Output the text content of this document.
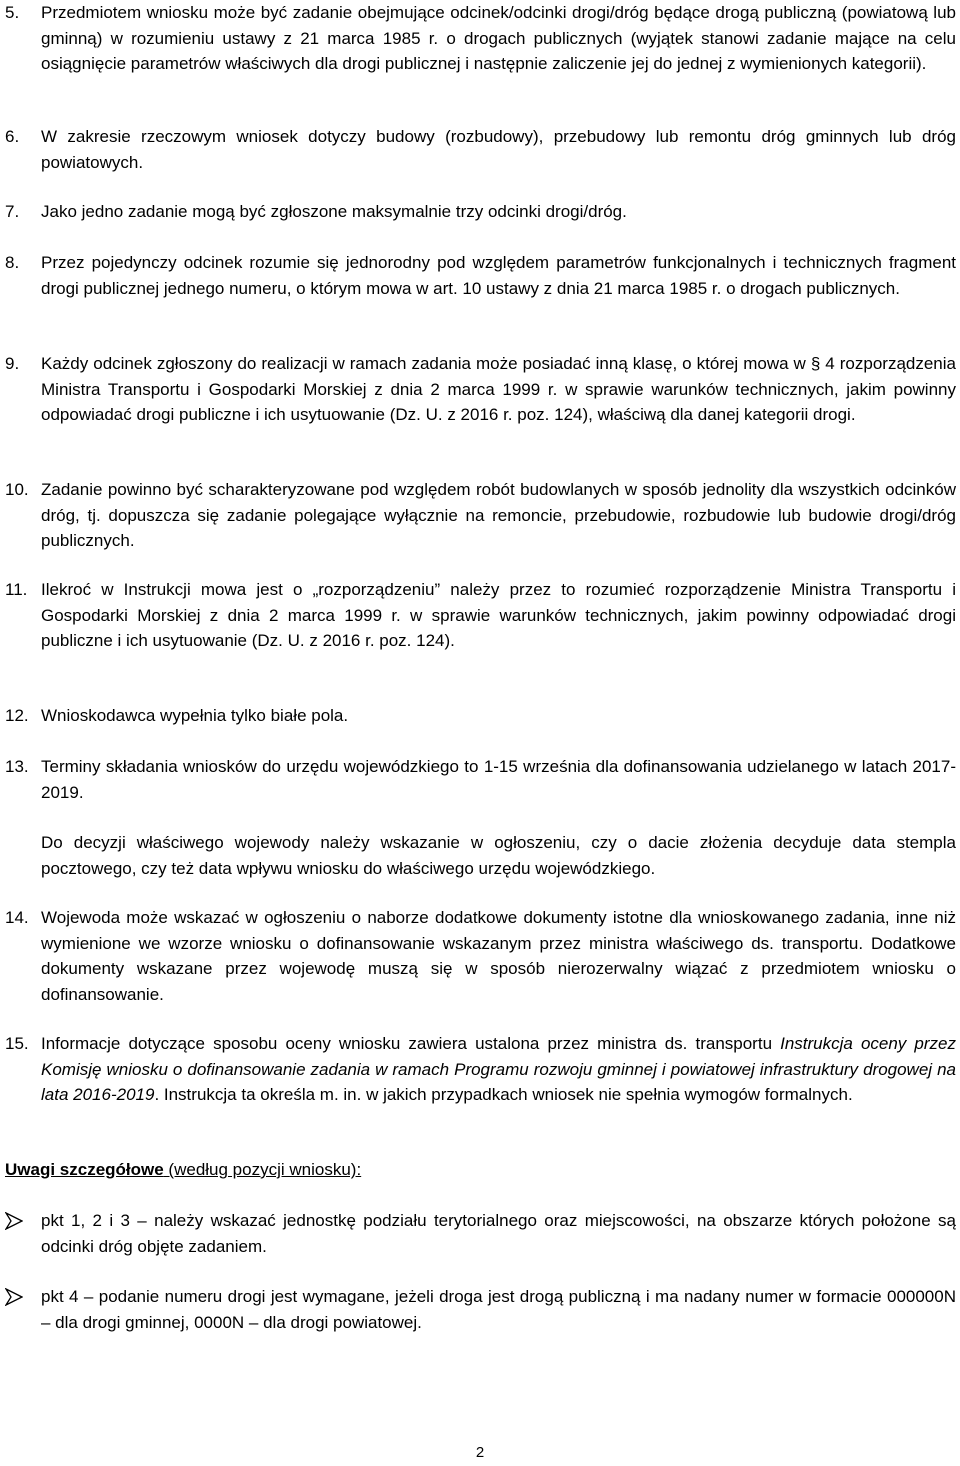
5. Przedmiotem wniosku może być zadanie obejmujące odcinek/odcinki drogi/dróg będące drogą publiczną (powiatową lub gminną) w rozumieniu ustawy z 21 marca 1985 r. o drogach publicznych (wyjątek stanowi zadanie mające na celu osiągnięcie parametrów właściwych dla drogi publicznej i następnie zaliczenie jej do jednej z wymienionych kategorii).

6. W zakresie rzeczowym wniosek dotyczy budowy (rozbudowy), przebudowy lub remontu dróg gminnych lub dróg powiatowych.

7. Jako jedno zadanie mogą być zgłoszone maksymalnie trzy odcinki drogi/dróg.

8. Przez pojedynczy odcinek rozumie się jednorodny pod względem parametrów funkcjonalnych i technicznych fragment drogi publicznej jednego numeru, o którym mowa w art. 10 ustawy z dnia 21 marca 1985 r. o drogach publicznych.

9. Każdy odcinek zgłoszony do realizacji w ramach zadania może posiadać inną klasę, o której mowa w § 4 rozporządzenia Ministra Transportu i Gospodarki Morskiej z dnia 2 marca 1999 r. w sprawie warunków technicznych, jakim powinny odpowiadać drogi publiczne i ich usytuowanie (Dz. U. z 2016 r. poz. 124), właściwą dla danej kategorii drogi.

10. Zadanie powinno być scharakteryzowane pod względem robót budowlanych w sposób jednolity dla wszystkich odcinków dróg, tj. dopuszcza się zadanie polegające wyłącznie na remoncie, przebudowie, rozbudowie lub budowie drogi/dróg publicznych.

11. Ilekroć w Instrukcji mowa jest o „rozporządzeniu” należy przez to rozumieć rozporządzenie Ministra Transportu i Gospodarki Morskiej z dnia 2 marca 1999 r. w sprawie warunków technicznych, jakim powinny odpowiadać drogi publiczne i ich usytuowanie (Dz. U. z 2016 r. poz. 124).

12. Wnioskodawca wypełnia tylko białe pola.

13. Terminy składania wniosków do urzędu wojewódzkiego to 1-15 września dla dofinansowania udzielanego w latach 2017-2019.

Do decyzji właściwego wojewody należy wskazanie w ogłoszeniu, czy o dacie złożenia decyduje data stempla pocztowego, czy też data wpływu wniosku do właściwego urzędu wojewódzkiego.

14. Wojewoda może wskazać w ogłoszeniu o naborze dodatkowe dokumenty istotne dla wnioskowanego zadania, inne niż wymienione we wzorze wniosku o dofinansowanie wskazanym przez ministra właściwego ds. transportu. Dodatkowe dokumenty wskazane przez wojewodę muszą się w sposób nierozerwalny wiązać z przedmiotem wniosku o dofinansowanie.

15. Informacje dotyczące sposobu oceny wniosku zawiera ustalona przez ministra ds. transportu Instrukcja oceny przez Komisję wniosku o dofinansowanie zadania w ramach Programu rozwoju gminnej i powiatowej infrastruktury drogowej na lata 2016-2019. Instrukcja ta określa m. in. w jakich przypadkach wniosek nie spełnia wymogów formalnych.

Uwagi szczegółowe (według pozycji wniosku):

pkt 1, 2 i 3 – należy wskazać jednostkę podziału terytorialnego oraz miejscowości, na obszarze których położone są odcinki dróg objęte zadaniem.

pkt 4 – podanie numeru drogi jest wymagane, jeżeli droga jest drogą publiczną i ma nadany numer w formacie 000000N – dla drogi gminnej, 0000N – dla drogi powiatowej.

2
